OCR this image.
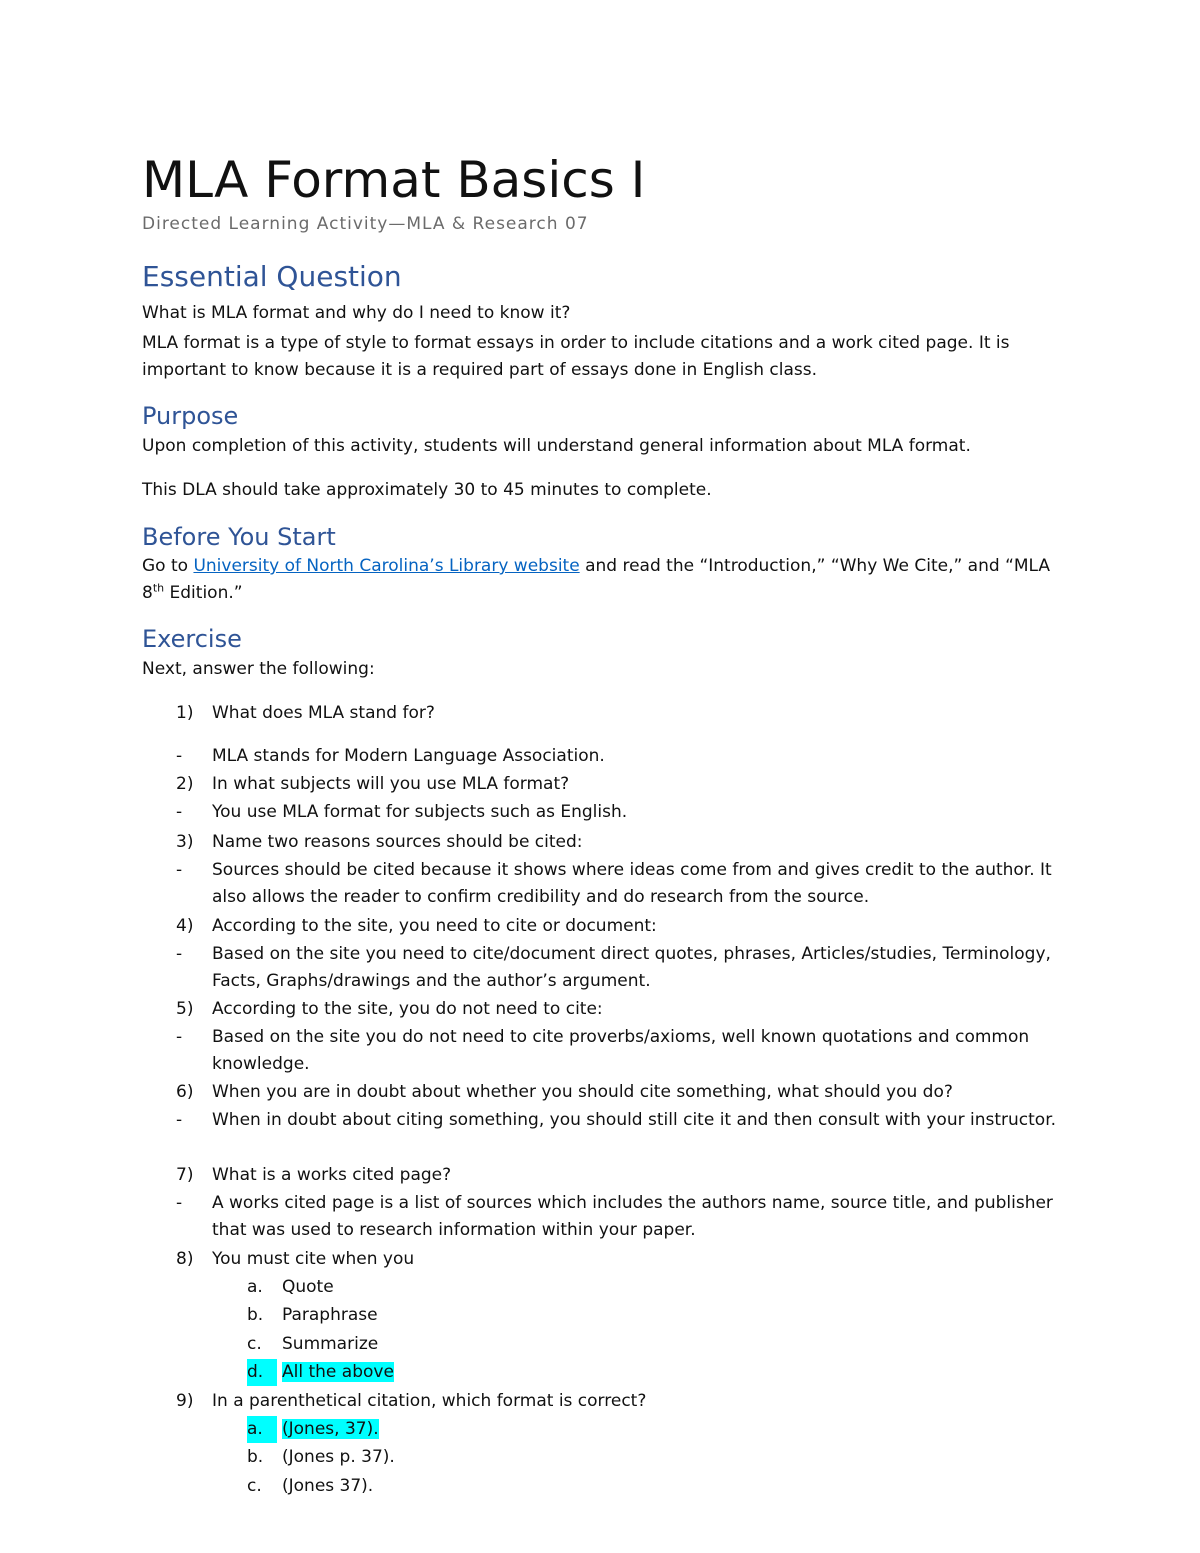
MLA Format Basics I
Directed Learning Activity—MLA & Research 07
Essential Question

What is MLA format and why do I need to know it?

MLA format is a type of style to format essays in order to include citations and a work cited page. It is important to know because it is a required part of essays done in English class.

Purpose

Upon completion of this activity, students will understand general information about MLA format.

This DLA should take approximately 30 to 45 minutes to complete.

Before You Start

Go to University of North Carolina’s Library website and read the “Introduction,” “Why We Cite,” and “MLA 8th Edition.”

Exercise

Next, answer the following:

1)	What does MLA stand for?
-	MLA stands for Modern Language Association.
2)	In what subjects will you use MLA format?
-	You use MLA format for subjects such as English.
3)	Name two reasons sources should be cited:
-	Sources should be cited because it shows where ideas come from and gives credit to the author. It also allows the reader to confirm credibility and do research from the source.
4)	According to the site, you need to cite or document:
-	Based on the site you need to cite/document direct quotes, phrases, Articles/studies, Terminology, Facts, Graphs/drawings and the author’s argument.
5)	According to the site, you do not need to cite:
-	Based on the site you do not need to cite proverbs/axioms, well known quotations and common knowledge.
6)	When you are in doubt about whether you should cite something, what should you do?
-	When in doubt about citing something, you should still cite it and then consult with your instructor.
7)	What is a works cited page?
-	A works cited page is a list of sources which includes the authors name, source title, and publisher that was used to research information within your paper.
8)	You must cite when you
a.	Quote
b.	Paraphrase
c.	Summarize
d.	All the above
9)	In a parenthetical citation, which format is correct?
a.	(Jones, 37).
b.	(Jones p. 37).
c.	(Jones 37).
